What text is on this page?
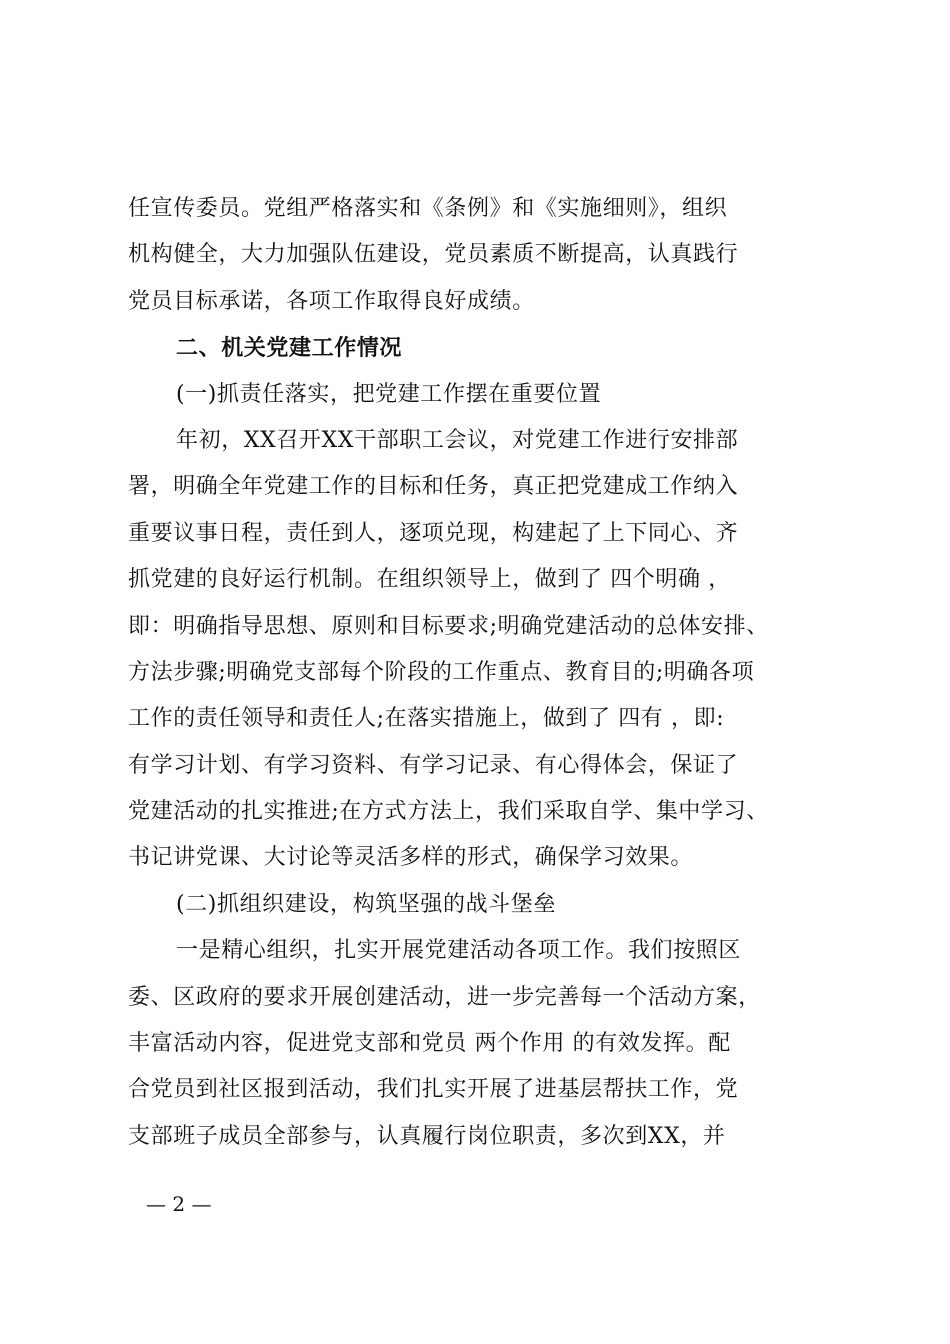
任宣传委员。党组严格落实和《条例》和《实施细则》，组织
机构健全，大力加强队伍建设，党员素质不断提高，认真践行
党员目标承诺，各项工作取得良好成绩。
二、机关党建工作情况
(一)抓责任落实，把党建工作摆在重要位置
年初，XX召开XX干部职工会议，对党建工作进行安排部
署，明确全年党建工作的目标和任务，真正把党建成工作纳入
重要议事日程，责任到人，逐项兑现，构建起了上下同心、齐
抓党建的良好运行机制。在组织领导上，做到了 四个明确 ，
即：明确指导思想、原则和目标要求;明确党建活动的总体安排、
方法步骤;明确党支部每个阶段的工作重点、教育目的;明确各项
工作的责任领导和责任人;在落实措施上，做到了 四有 ，即:
有学习计划、有学习资料、有学习记录、有心得体会，保证了
党建活动的扎实推进;在方式方法上，我们采取自学、集中学习、
书记讲党课、大讨论等灵活多样的形式，确保学习效果。
(二)抓组织建设，构筑坚强的战斗堡垒
一是精心组织，扎实开展党建活动各项工作。我们按照区
委、区政府的要求开展创建活动，进一步完善每一个活动方案，
丰富活动内容，促进党支部和党员 两个作用 的有效发挥。配
合党员到社区报到活动，我们扎实开展了进基层帮扶工作，党
支部班子成员全部参与，认真履行岗位职责，多次到XX，并
— 2 —
